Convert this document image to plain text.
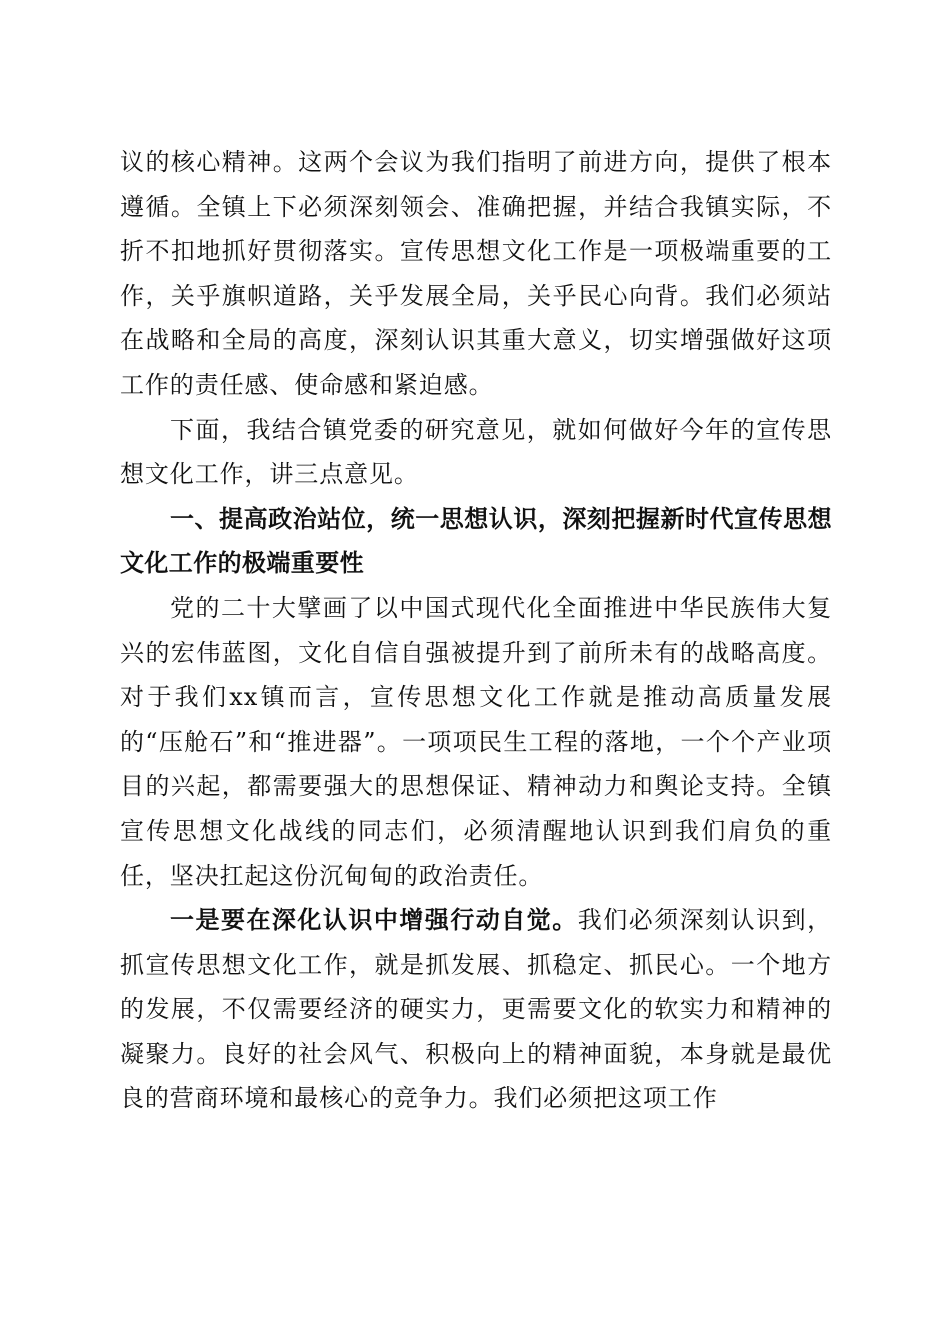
议的核心精神。这两个会议为我们指明了前进方向，提供了根本遵循。全镇上下必须深刻领会、准确把握，并结合我镇实际，不折不扣地抓好贯彻落实。宣传思想文化工作是一项极端重要的工作，关乎旗帜道路，关乎发展全局，关乎民心向背。我们必须站在战略和全局的高度，深刻认识其重大意义，切实增强做好这项工作的责任感、使命感和紧迫感。

下面，我结合镇党委的研究意见，就如何做好今年的宣传思想文化工作，讲三点意见。

一、提高政治站位，统一思想认识，深刻把握新时代宣传思想文化工作的极端重要性

党的二十大擘画了以中国式现代化全面推进中华民族伟大复兴的宏伟蓝图，文化自信自强被提升到了前所未有的战略高度。对于我们xx镇而言，宣传思想文化工作就是推动高质量发展的“压舱石”和“推进器”。一项项民生工程的落地，一个个产业项目的兴起，都需要强大的思想保证、精神动力和舆论支持。全镇宣传思想文化战线的同志们，必须清醒地认识到我们肩负的重任，坚决扛起这份沉甸甸的政治责任。

一是要在深化认识中增强行动自觉。我们必须深刻认识到，抓宣传思想文化工作，就是抓发展、抓稳定、抓民心。一个地方的发展，不仅需要经济的硬实力，更需要文化的软实力和精神的凝聚力。良好的社会风气、积极向上的精神面貌，本身就是最优良的营商环境和最核心的竞争力。我们必须把这项工作
